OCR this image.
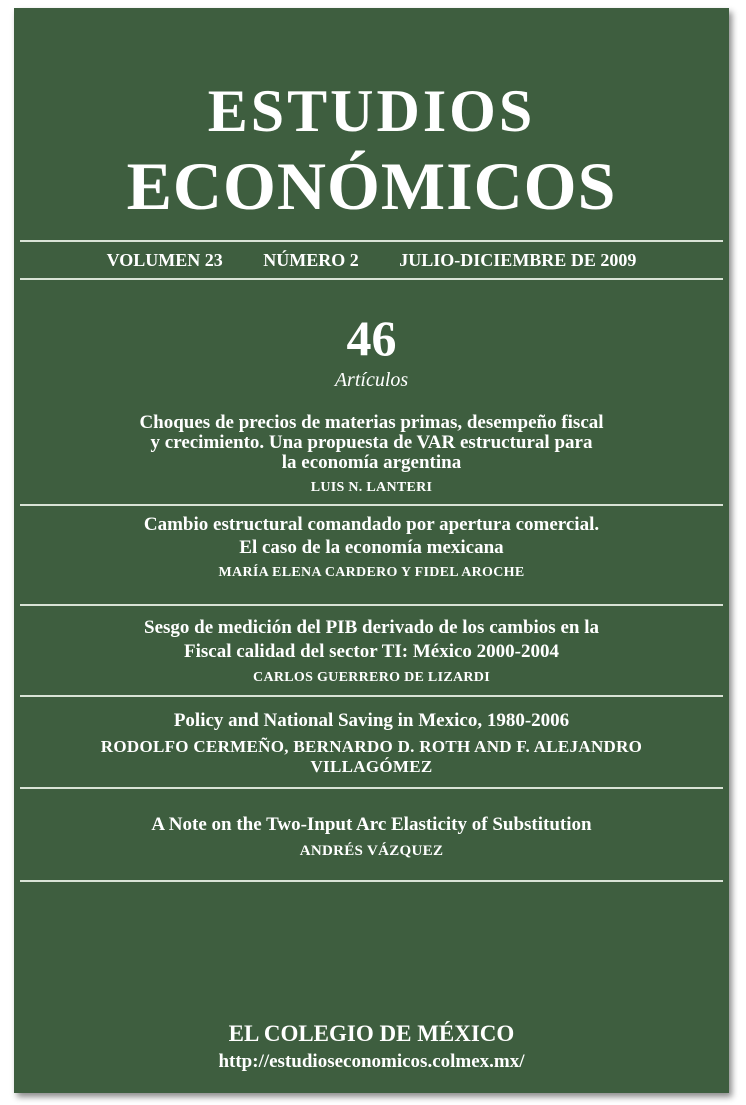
ESTUDIOS
ECONÓMICOS
VOLUMEN 23 NÚMERO 2 JULIO-DICIEMBRE DE 2009
46
Artículos
Choques de precios de materias primas, desempeño fiscal
y crecimiento. Una propuesta de VAR estructural para
la economía argentina
LUIS N. LANTERI
Cambio estructural comandado por apertura comercial.
El caso de la economía mexicana
MARÍA ELENA CARDERO Y FIDEL AROCHE
Sesgo de medición del PIB derivado de los cambios en la
Fiscal calidad del sector TI: México 2000-2004
CARLOS GUERRERO DE LIZARDI
Policy and National Saving in Mexico, 1980-2006
RODOLFO CERMEÑO, BERNARDO D. ROTH AND F. ALEJANDRO
VILLAGÓMEZ
A Note on the Two-Input Arc Elasticity of Substitution
ANDRÉS VÁZQUEZ
EL COLEGIO DE MÉXICO
http://estudioseconomicos.colmex.mx/
